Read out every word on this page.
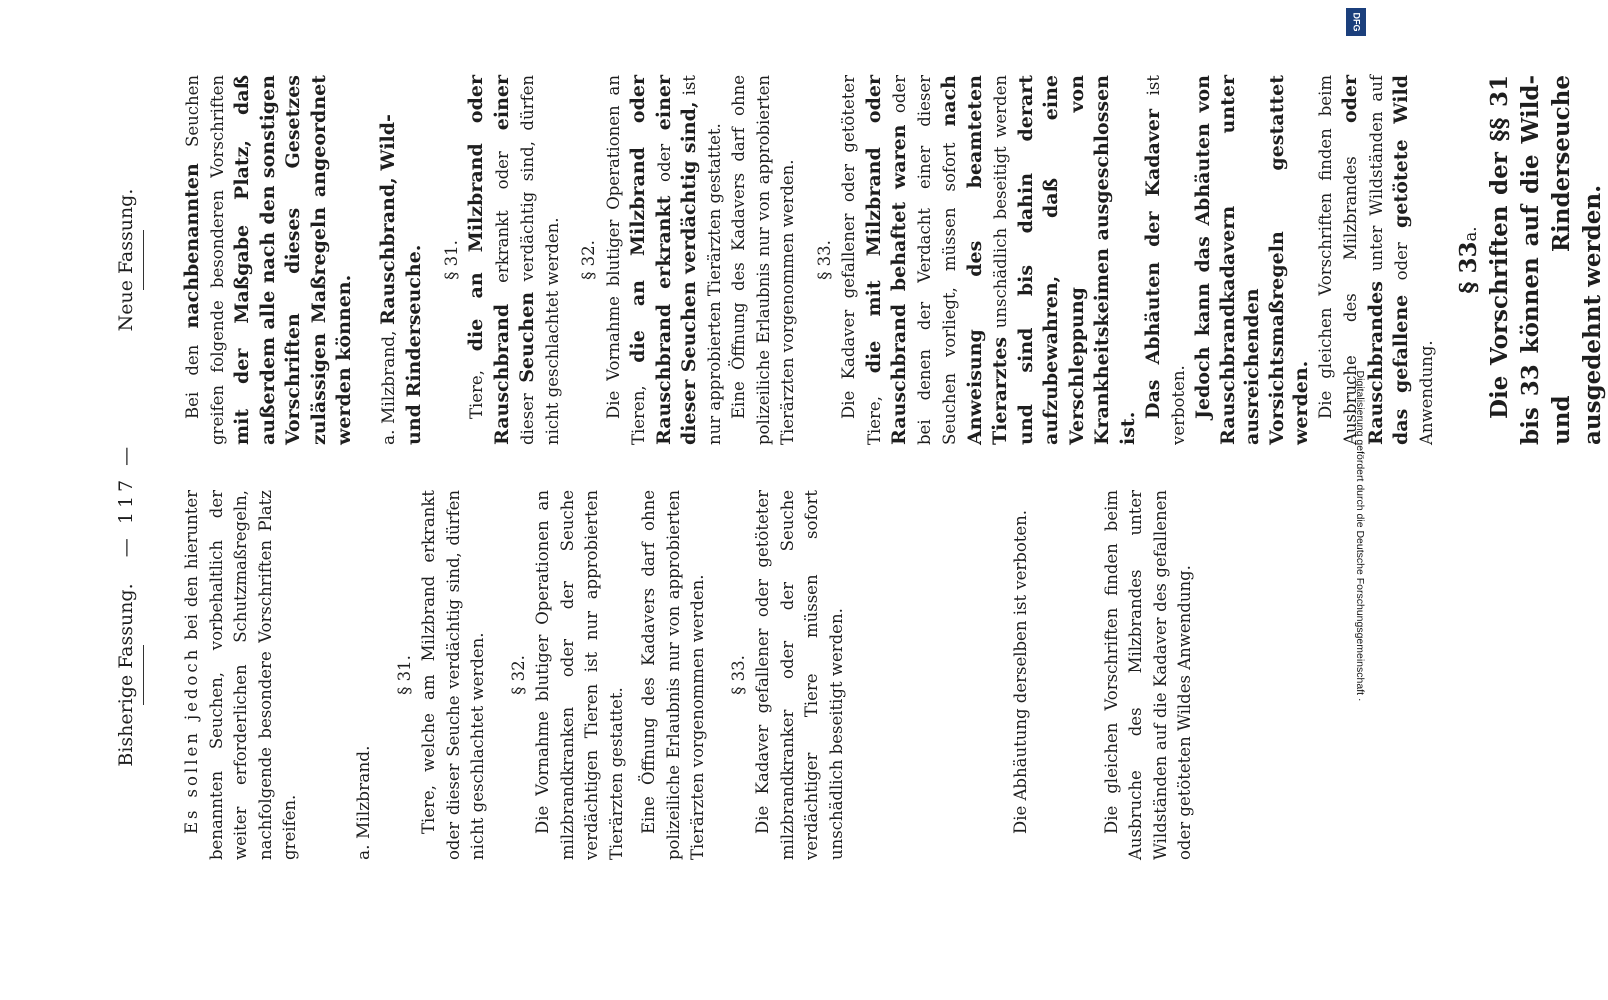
— 117 —
Bisherige Fassung.
Neue Fassung.

Es sollen jedoch bei den hierunter benannten Seuchen, vorbehaltlich der weiter erforderlichen Schutzmaßregeln, nachfolgende besondere Vorschriften Platz greifen.	a. Milzbrand.

§ 31. Tiere, welche am Milzbrand erkrankt oder dieser Seuche verdächtig sind, dürfen nicht geschlachtet werden. § 32. Die Vornahme blutiger Operationen an milzbrandkranken oder der Seuche verdächtigen Tieren ist nur approbierten Tierärzten gestattet. Eine Öffnung des Kadavers darf ohne polizeiliche Erlaubnis nur von approbierten Tierärzten vorgenommen werden. § 33. Die Kadaver gefallener oder getöteter milzbrandkranker oder der Seuche verdächtiger Tiere müssen sofort unschädlich beseitigt werden.	Die Abhäutung derselben ist verboten.	Die gleichen Vorschriften finden beim Ausbruche des Milzbrandes unter Wildständen auf die Kadaver des gefallenen oder getöteten Wildes Anwendung.

Bei den nachbenannten Seuchen greifen folgende besonderen Vorschriften mit der Maßgabe Platz, daß außerdem alle nach den sonstigen Vorschriften dieses Gesetzes zulässigen Maßregeln angeordnet werden können. a. Milzbrand, Rauschbrand, Wild- und Rinderseuche. § 31.

Tiere, die an Milzbrand oder Rauschbrand erkrankt oder einer dieser Seuchen verdächtig sind, dürfen nicht geschlachtet werden. § 32. Die Vornahme blutiger Operationen an Tieren, die an Milzbrand oder Rauschbrand erkrankt oder einer dieser Seuchen verdächtig sind, ist nur approbierten Tierärzten gestattet. Eine Öffnung des Kadavers darf ohne polizeiliche Erlaubnis nur von approbierten Tierärzten vorgenommen werden. § 33. Die Kadaver gefallener oder getöteter Tiere, die mit Milzbrand oder Rauschbrand behaftet waren oder bei denen der Verdacht einer dieser Seuchen vorliegt, müssen sofort nach Anweisung des beamteten Tierarztes unschädlich beseitigt werden und sind bis dahin derart aufzubewahren, daß eine Verschleppung von Krankheitskeimen ausgeschlossen ist.

Das Abhäuten der Kadaver ist verboten. Jedoch kann das Abhäuten von Rauschbrandkadavern unter ausreichenden Vorsichtsmaßregeln gestattet werden. Die gleichen Vorschriften finden beim Ausbruche des Milzbrandes oder Rauschbrandes unter Wildständen auf das gefallene oder getötete Wild Anwendung.

§ 33a. Die Vorschriften der §§ 31 bis 33 können auf die Wild- und Rinderseuche ausgedehnt werden.

DFG
Digitalisierung gefördert durch die Deutsche Forschungsgemeinschaft ·
